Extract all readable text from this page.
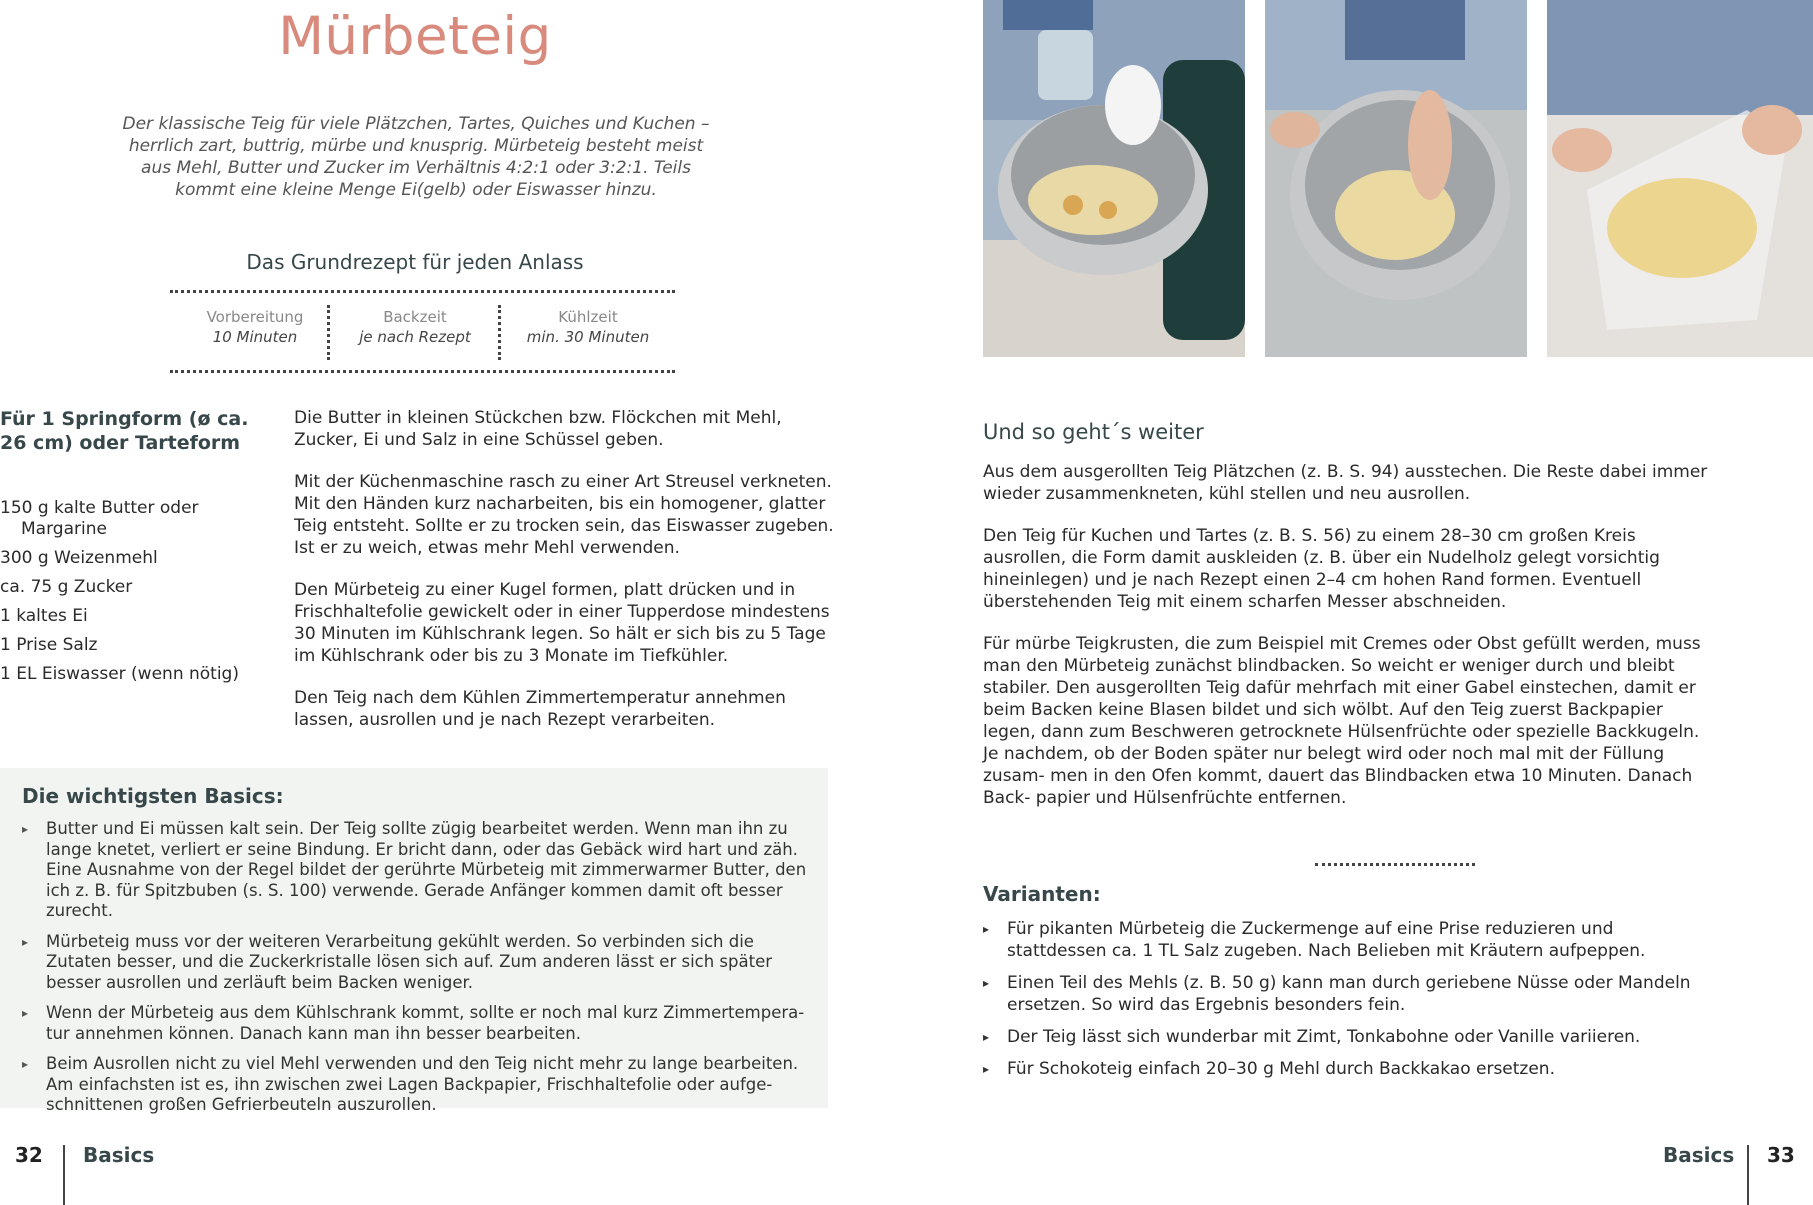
Mürbeteig
Der klassische Teig für viele Plätzchen, Tartes, Quiches und Kuchen – herrlich zart, buttrig, mürbe und knusprig. Mürbeteig besteht meist aus Mehl, Butter und Zucker im Verhältnis 4:2:1 oder 3:2:1. Teils kommt eine kleine Menge Ei(gelb) oder Eiswasser hinzu.
Das Grundrezept für jeden Anlass
Vorbereitung
10 Minuten
Backzeit
je nach Rezept
Kühlzeit
min. 30 Minuten
Für 1 Springform (ø ca. 26 cm) oder Tarteform
150 g kalte Butter oder
Margarine
300 g Weizenmehl
ca. 75 g Zucker
1 kaltes Ei
1 Prise Salz
1 EL Eiswasser (wenn nötig)

Die Butter in kleinen Stückchen bzw. Flöckchen mit Mehl, Zucker, Ei und Salz in eine Schüssel geben.

Mit der Küchenmaschine rasch zu einer Art Streusel verkneten. Mit den Händen kurz nacharbeiten, bis ein homogener, glatter Teig entsteht. Sollte er zu trocken sein, das Eiswasser zugeben. Ist er zu weich, etwas mehr Mehl verwenden.

Den Mürbeteig zu einer Kugel formen, platt drücken und in Frischhaltefolie gewickelt oder in einer Tupperdose mindestens 30 Minuten im Kühlschrank legen. So hält er sich bis zu 5 Tage im Kühlschrank oder bis zu 3 Monate im Tiefkühler.

Den Teig nach dem Kühlen Zimmertemperatur annehmen lassen, ausrollen und je nach Rezept verarbeiten.

Die wichtigsten Basics:
▸ Butter und Ei müssen kalt sein. Der Teig sollte zügig bearbeitet werden. Wenn man ihn zu lange knetet, verliert er seine Bindung. Er bricht dann, oder das Gebäck wird hart und zäh. Eine Ausnahme von der Regel bildet der gerührte Mürbeteig mit zimmerwarmer Butter, den ich z. B. für Spitzbuben (s. S. 100) verwende. Gerade Anfänger kommen damit oft besser zurecht.
▸ Mürbeteig muss vor der weiteren Verarbeitung gekühlt werden. So verbinden sich die Zutaten besser, und die Zuckerkristalle lösen sich auf. Zum anderen lässt er sich später besser ausrollen und zerläuft beim Backen weniger.
▸ Wenn der Mürbeteig aus dem Kühlschrank kommt, sollte er noch mal kurz Zimmertempera- tur annehmen können. Danach kann man ihn besser bearbeiten.
▸ Beim Ausrollen nicht zu viel Mehl verwenden und den Teig nicht mehr zu lange bearbeiten. Am einfachsten ist es, ihn zwischen zwei Lagen Backpapier, Frischhaltefolie oder aufge- schnittenen großen Gefrierbeuteln auszurollen.
32 Basics
Und so geht´s weiter

Aus dem ausgerollten Teig Plätzchen (z. B. S. 94) ausstechen. Die Reste dabei immer wieder zusammenkneten, kühl stellen und neu ausrollen.

Den Teig für Kuchen und Tartes (z. B. S. 56) zu einem 28–30 cm großen Kreis ausrollen, die Form damit auskleiden (z. B. über ein Nudelholz gelegt vorsichtig hineinlegen) und je nach Rezept einen 2–4 cm hohen Rand formen. Eventuell überstehenden Teig mit einem scharfen Messer abschneiden.

Für mürbe Teigkrusten, die zum Beispiel mit Cremes oder Obst gefüllt werden, muss man den Mürbeteig zunächst blindbacken. So weicht er weniger durch und bleibt stabiler. Den ausgerollten Teig dafür mehrfach mit einer Gabel einstechen, damit er beim Backen keine Blasen bildet und sich wölbt. Auf den Teig zuerst Backpapier legen, dann zum Beschweren getrocknete Hülsenfrüchte oder spezielle Backkugeln. Je nachdem, ob der Boden später nur belegt wird oder noch mal mit der Füllung zusam- men in den Ofen kommt, dauert das Blindbacken etwa 10 Minuten. Danach Back- papier und Hülsenfrüchte entfernen.

Varianten:
▸ Für pikanten Mürbeteig die Zuckermenge auf eine Prise reduzieren und stattdessen ca. 1 TL Salz zugeben. Nach Belieben mit Kräutern aufpeppen.
▸ Einen Teil des Mehls (z. B. 50 g) kann man durch geriebene Nüsse oder Mandeln ersetzen. So wird das Ergebnis besonders fein.
▸ Der Teig lässt sich wunderbar mit Zimt, Tonkabohne oder Vanille variieren.
▸ Für Schokoteig einfach 20–30 g Mehl durch Backkakao ersetzen.
Basics 33
